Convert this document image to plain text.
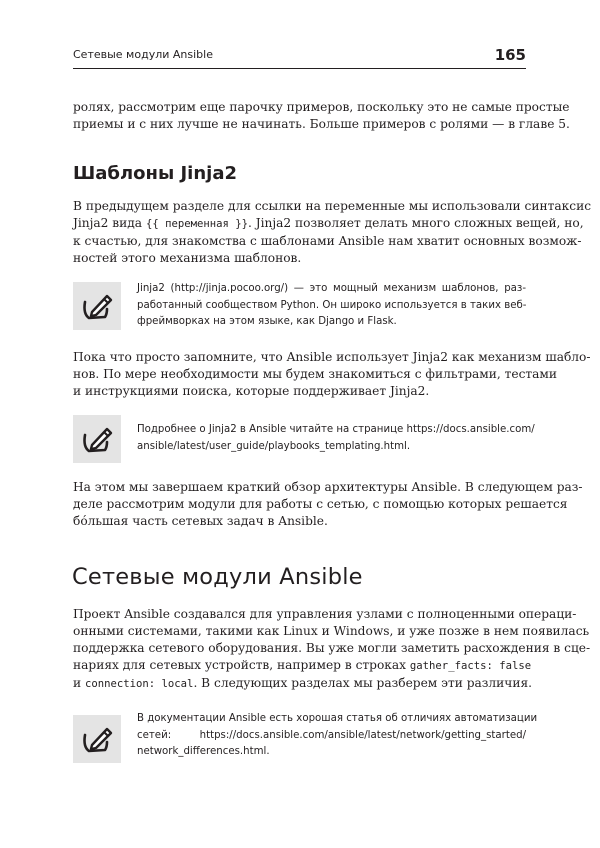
Сетевые модули Ansible	165
ролях, рассмотрим еще парочку примеров, поскольку это не самые простые
приемы и с них лучше не начинать. Больше примеров с ролями — в главе 5.
Шаблоны Jinja2
В предыдущем разделе для ссылки на переменные мы использовали синтаксис
Jinja2 вида {{ переменная }}. Jinja2 позволяет делать много сложных вещей, но,
к счастью, для знакомства с шаблонами Ansible нам хватит основных возмож-
ностей этого механизма шаблонов.
Jinja2 (http://jinja.pocoo.org/) — это мощный механизм шаблонов, раз-
работанный сообществом Python. Он широко используется в таких веб-
фреймворках на этом языке, как Django и Flask.
Пока что просто запомните, что Ansible использует Jinja2 как механизм шабло-
нов. По мере необходимости мы будем знакомиться с фильтрами, тестами
и инструкциями поиска, которые поддерживает Jinja2.
Подробнее о Jinja2 в Ansible читайте на странице https://docs.ansible.com/
ansible/latest/user_guide/playbooks_templating.html.
На этом мы завершаем краткий обзор архитектуры Ansible. В следующем раз-
деле рассмотрим модули для работы с сетью, с помощью которых решается
бóльшая часть сетевых задач в Ansible.
Сетевые модули Ansible
Проект Ansible создавался для управления узлами с полноценными операци-
онными системами, такими как Linux и Windows, и уже позже в нем появилась
поддержка сетевого оборудования. Вы уже могли заметить расхождения в сце-
нариях для сетевых устройств, например в строках gather_facts: false
и connection: local. В следующих разделах мы разберем эти различия.
В документации Ansible есть хорошая статья об отличиях автоматизации
сетей: https://docs.ansible.com/ansible/latest/network/getting_started/
network_differences.html.
